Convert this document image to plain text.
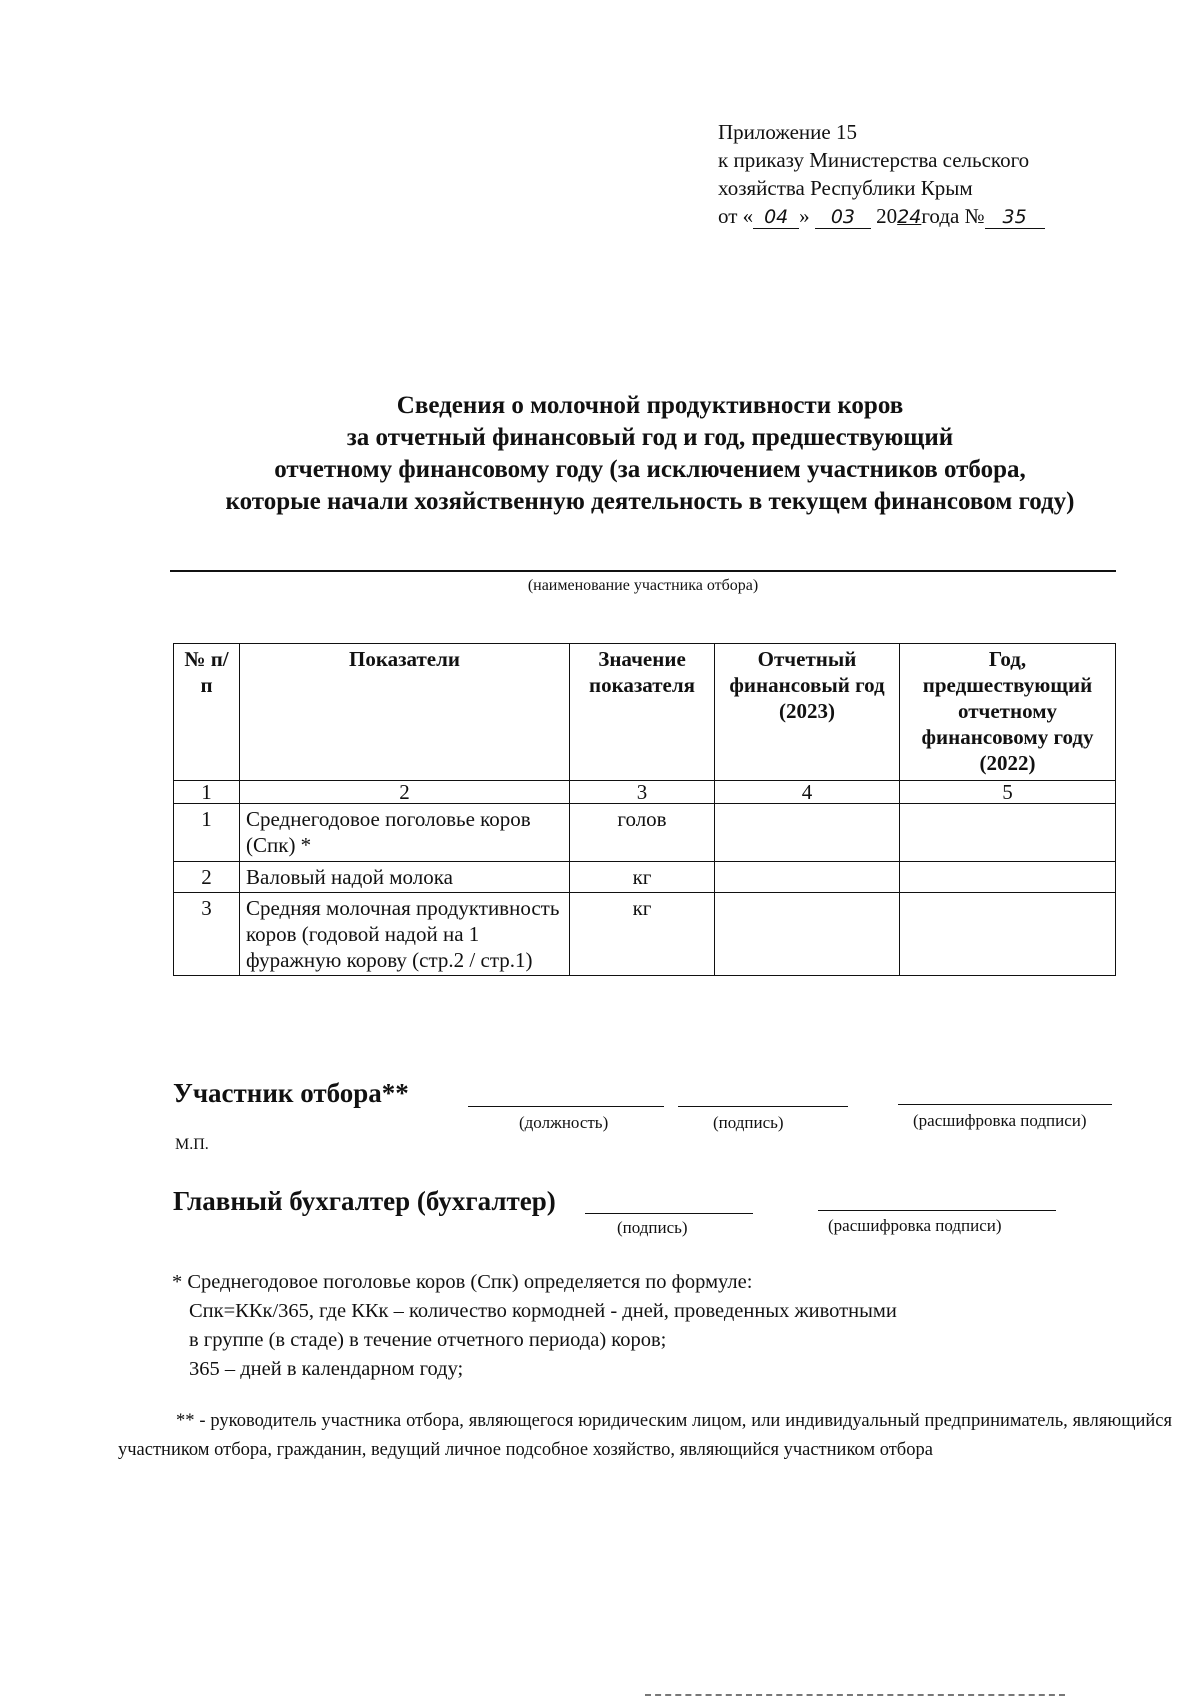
Приложение 15
к приказу Министерства сельского
хозяйства Республики Крым
от « 04 » 03 2024года № 35
Сведения о молочной продуктивности коров
за отчетный финансовый год и год, предшествующий
отчетному финансовому году (за исключением участников отбора,
которые начали хозяйственную деятельность в текущем финансовом году)
(наименование участника отбора)
№ п/п	Показатели	Значение показателя	Отчетный финансовый год (2023)	Год, предшествующий отчетному финансовому году (2022)
1	2	3	4	5
1	Среднегодовое поголовье коров (Спк) *	голов		
2	Валовый надой молока	кг		
3	Средняя молочная продуктивность коров (годовой надой на 1 фуражную корову (стр.2 / стр.1)	кг		
Участник отбора**
(должность)	(подпись)	(расшифровка подписи)
М.П.
Главный бухгалтер (бухгалтер)
(подпись)	(расшифровка подписи)
* Среднегодовое поголовье коров (Спк) определяется по формуле:
Спк=ККк/365, где ККк – количество кормодней - дней, проведенных животными
в группе (в стаде) в течение отчетного периода) коров;
365 – дней в календарном году;
** - руководитель участника отбора, являющегося юридическим лицом, или индивидуальный предприниматель, являющийся участником отбора, гражданин, ведущий личное подсобное хозяйство, являющийся участником отбора
